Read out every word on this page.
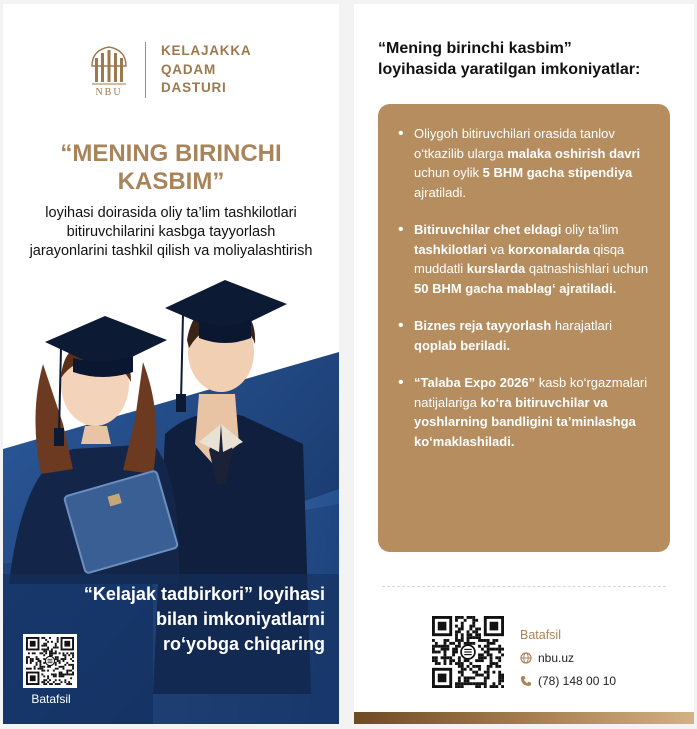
NBU
KELAJAKKA
QADAM
DASTURI
“MENING BIRINCHI
KASBIM”
loyihasi doirasida oliy ta’lim tashkilotlari
bitiruvchilarini kasbga tayyorlash
jarayonlarini tashkil qilish va moliyalashtirish
“Kelajak tadbirkori” loyihasi
bilan imkoniyatlarni
ro‘yobga chiqaring
Batafsil
“Mening birinchi kasbim”
loyihasida yaratilgan imkoniyatlar:
• Oliygoh bitiruvchilari orasida tanlov o‘tkazilib ularga malaka oshirish davri uchun oylik 5 BHM gacha stipendiya ajratiladi.
• Bitiruvchilar chet eldagi oliy ta’lim tashkilotlari va korxonalarda qisqa muddatli kurslarda qatnashishlari uchun 50 BHM gacha mablag‘ ajratiladi.
• Biznes reja tayyorlash harajatlari qoplab beriladi.
• “Talaba Expo 2026” kasb ko‘rgazmalari natijalariga ko‘ra bitiruvchilar va yoshlarning bandligini ta’minlashga ko‘maklashiladi.
Batafsil
nbu.uz
(78) 148 00 10
